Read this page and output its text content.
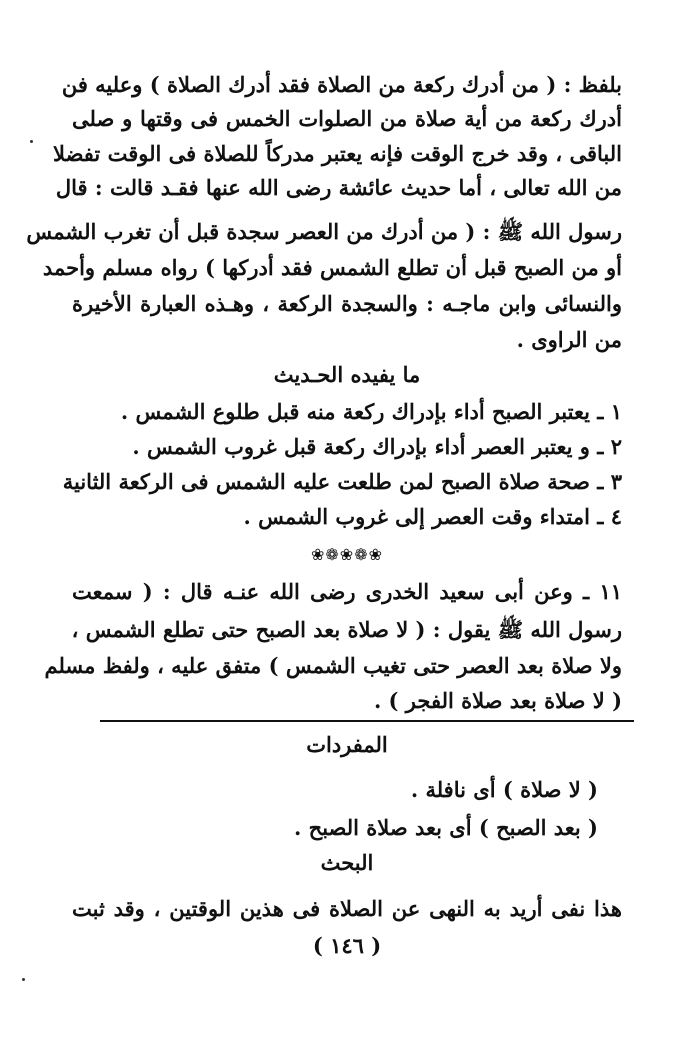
بلفظ : ( من أدرك ركعة من الصلاة فقد أدرك الصلاة ) وعليه فن
أدرك ركعة من أية صلاة من الصلوات الخمس فى وقتها و صلى
الباقى ، وقد خرج الوقت فإنه يعتبر مدركاً للصلاة فى الوقت تفضلا
من الله تعالى ، أما حديث عائشة رضى الله عنها فقـد قالت : قال
رسول الله ﷺ : ( من أدرك من العصر سجدة قبل أن تغرب الشمس
أو من الصبح قبل أن تطلع الشمس فقد أدركها ) رواه مسلم وأحمد
والنسائى وابن ماجـه : والسجدة الركعة ، وهـذه العبارة الأخيرة
من الراوى .
ما يفيده الحـديث
١ ـ يعتبر الصبح أداء بإدراك ركعة منه قبل طلوع الشمس .
٢ ـ و يعتبر العصر أداء بإدراك ركعة قبل غروب الشمس .
٣ ـ صحة صلاة الصبح لمن طلعت عليه الشمس فى الركعة الثانية
٤ ـ امتداء وقت العصر إلى غروب الشمس .
❀❁❀❁❀
١١ ـ وعن أبى سعيد الخدرى رضى الله عنـه قال : ( سمعت
رسول الله ﷺ يقول : ( لا صلاة بعد الصبح حتى تطلع الشمس ،
ولا صلاة بعد العصر حتى تغيب الشمس ) متفق عليه ، ولفظ مسلم
( لا صلاة بعد صلاة الفجر ) .
المفردات
( لا صلاة ) أى نافلة .
( بعد الصبح ) أى بعد صلاة الصبح .
البحث
هذا نفى أريد به النهى عن الصلاة فى هذين الوقتين ، وقد ثبت
( ١٤٦ )
